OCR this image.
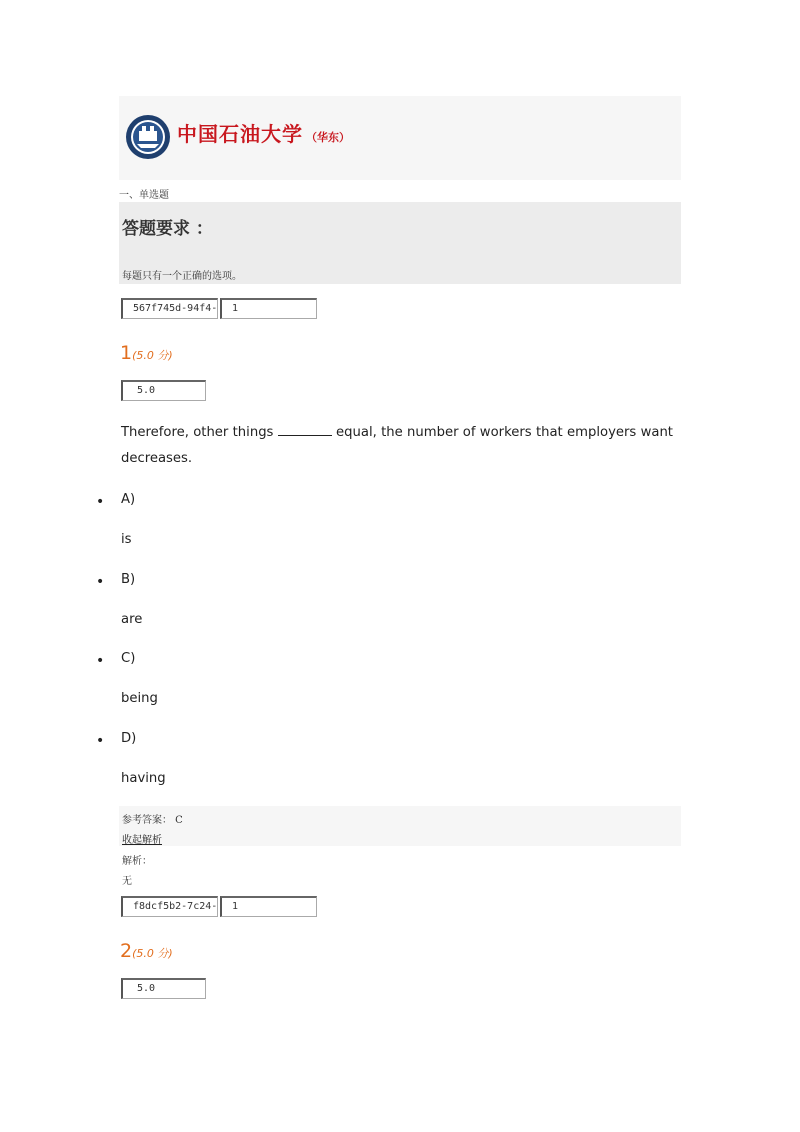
中国石油大学 （华东）
一、单选题
答题要求 ：
每题只有一个正确的选项。
567f745d-94f4-	1
1(5.0 分)
5.0
Therefore, other things	equal, the number of workers that employers want decreases.
• A)
is
• B)
are
• C)
being
• D)
having
参考答案： C
收起解析
解析：
无
f8dcf5b2-7c24-	1
2(5.0 分)
5.0
